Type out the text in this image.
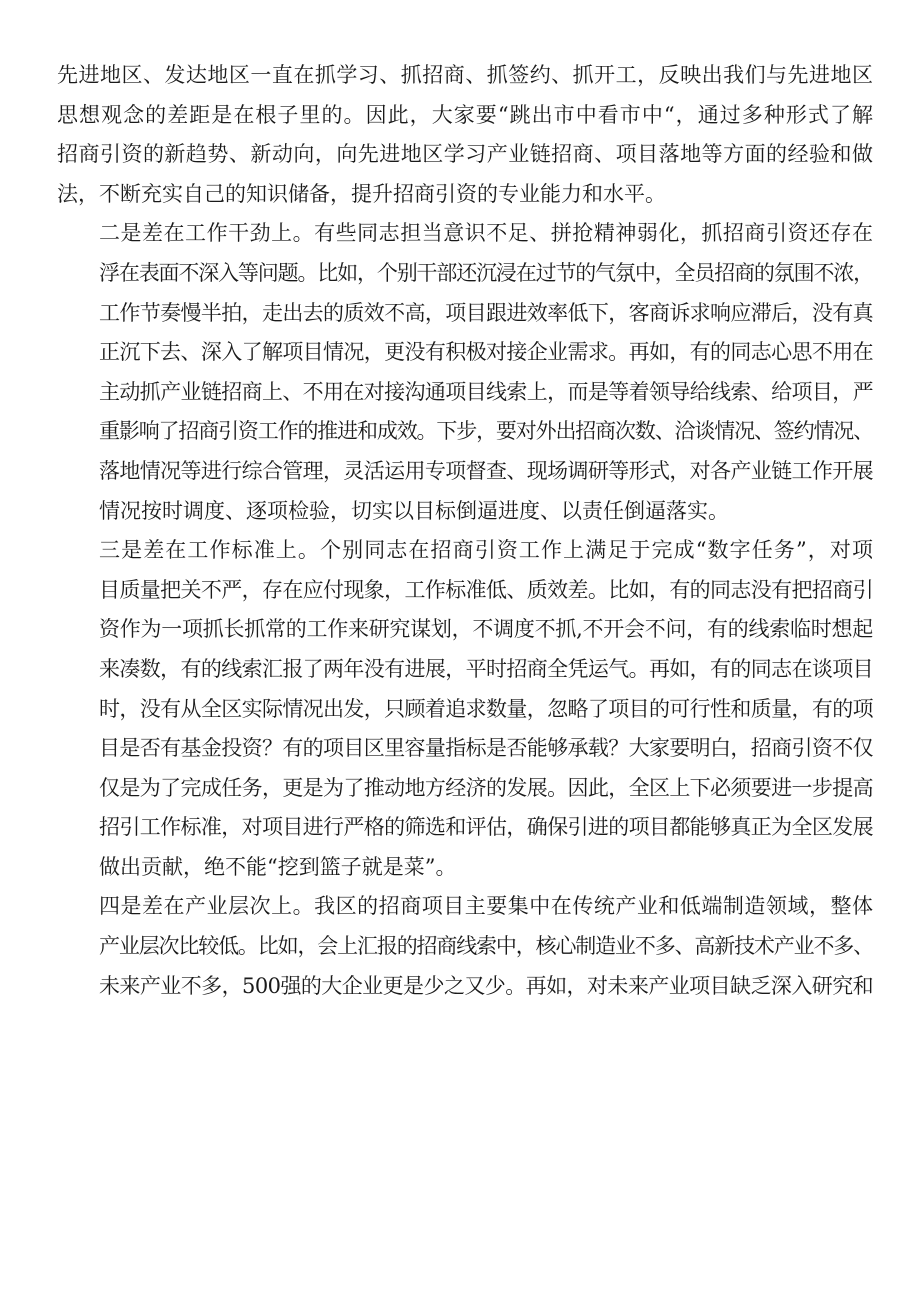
先进地区、发达地区一直在抓学习、抓招商、抓签约、抓开工，反映出我们与先进地区
思想观念的差距是在根子里的。因此，大家要“跳出市中看市中“，通过多种形式了解
招商引资的新趋势、新动向，向先进地区学习产业链招商、项目落地等方面的经验和做
法，不断充实自己的知识储备，提升招商引资的专业能力和水平。
二是差在工作干劲上。有些同志担当意识不足、拼抢精神弱化，抓招商引资还存在
浮在表面不深入等问题。比如，个别干部还沉浸在过节的气氛中，全员招商的氛围不浓，
工作节奏慢半拍，走出去的质效不高，项目跟进效率低下，客商诉求响应滞后，没有真
正沉下去、深入了解项目情况，更没有积极对接企业需求。再如，有的同志心思不用在
主动抓产业链招商上、不用在对接沟通项目线索上，而是等着领导给线索、给项目，严
重影响了招商引资工作的推进和成效。下步，要对外出招商次数、洽谈情况、签约情况、
落地情况等进行综合管理，灵活运用专项督查、现场调研等形式，对各产业链工作开展
情况按时调度、逐项检验，切实以目标倒逼进度、以责任倒逼落实。
三是差在工作标准上。个别同志在招商引资工作上满足于完成“数字任务”，对项
目质量把关不严，存在应付现象，工作标准低、质效差。比如，有的同志没有把招商引
资作为一项抓长抓常的工作来研究谋划，不调度不抓,不开会不问，有的线索临时想起
来凑数，有的线索汇报了两年没有进展，平时招商全凭运气。再如，有的同志在谈项目
时，没有从全区实际情况出发，只顾着追求数量，忽略了项目的可行性和质量，有的项
目是否有基金投资？有的项目区里容量指标是否能够承载？大家要明白，招商引资不仅
仅是为了完成任务，更是为了推动地方经济的发展。因此，全区上下必须要进一步提高
招引工作标准，对项目进行严格的筛选和评估，确保引进的项目都能够真正为全区发展
做出贡献，绝不能“挖到篮子就是菜”。
四是差在产业层次上。我区的招商项目主要集中在传统产业和低端制造领域，整体
产业层次比较低。比如，会上汇报的招商线索中，核心制造业不多、高新技术产业不多、
未来产业不多，500强的大企业更是少之又少。再如，对未来产业项目缺乏深入研究和
